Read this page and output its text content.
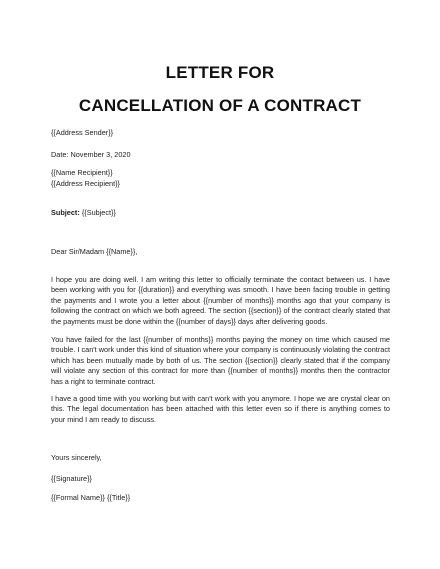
LETTER FOR
CANCELLATION OF A CONTRACT
{{Address Sender}}
Date: November 3, 2020
{{Name Recipient}}
{{Address Recipient}}
Subject: {{Subject}}
Dear Sir/Madam {{Name}},

I hope you are doing well. I am writing this letter to officially terminate the contact between us. I have been working with you for {{duration}} and everything was smooth. I have been facing trouble in getting the payments and I wrote you a letter about {{number of months}} months ago that your company is following the contract on which we both agreed. The section {{section}} of the contract clearly stated that the payments must be done within the {{number of days}} days after delivering goods.

You have failed for the last {{number of months}} months paying the money on time which caused me trouble. I can't work under this kind of situation where your company is continuously violating the contract which has been mutually made by both of us. The section {{section}} clearly stated that if the company will violate any section of this contract for more than {{number of months}} months then the contractor has a right to terminate contract.

I have a good time with you working but with can't work with you anymore. I hope we are crystal clear on this. The legal documentation has been attached with this letter even so if there is anything comes to your mind I am ready to discuss.

Yours sincerely,
{{Signature}}
{{Formal Name}} {{Title}}
